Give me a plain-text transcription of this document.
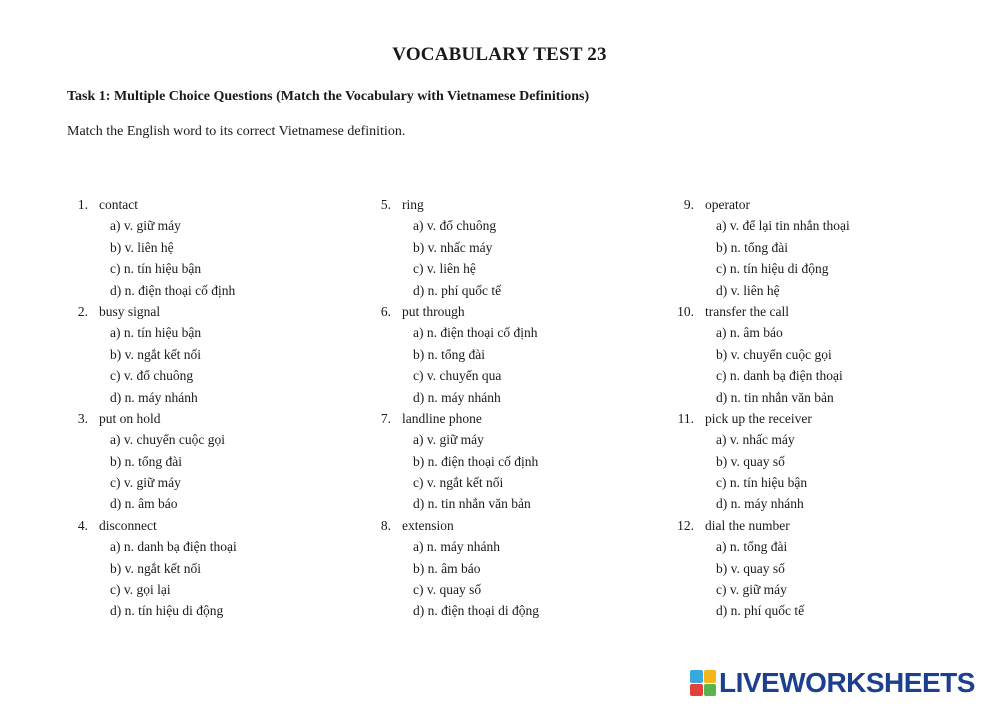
VOCABULARY TEST 23
Task 1: Multiple Choice Questions (Match the Vocabulary with Vietnamese Definitions)
Match the English word to its correct Vietnamese definition.
1. contact
a) v. giữ máy
b) v. liên hệ
c) n. tín hiệu bận
d) n. điện thoại cố định
2. busy signal
a) n. tín hiệu bận
b) v. ngắt kết nối
c) v. đổ chuông
d) n. máy nhánh
3. put on hold
a) v. chuyển cuộc gọi
b) n. tổng đài
c) v. giữ máy
d) n. âm báo
4. disconnect
a) n. danh bạ điện thoại
b) v. ngắt kết nối
c) v. gọi lại
d) n. tín hiệu di động
5. ring
a) v. đổ chuông
b) v. nhấc máy
c) v. liên hệ
d) n. phí quốc tế
6. put through
a) n. điện thoại cố định
b) n. tổng đài
c) v. chuyển qua
d) n. máy nhánh
7. landline phone
a) v. giữ máy
b) n. điện thoại cố định
c) v. ngắt kết nối
d) n. tin nhắn văn bản
8. extension
a) n. máy nhánh
b) n. âm báo
c) v. quay số
d) n. điện thoại di động
9. operator
a) v. để lại tin nhắn thoại
b) n. tổng đài
c) n. tín hiệu di động
d) v. liên hệ
10. transfer the call
a) n. âm báo
b) v. chuyển cuộc gọi
c) n. danh bạ điện thoại
d) n. tin nhắn văn bản
11. pick up the receiver
a) v. nhấc máy
b) v. quay số
c) n. tín hiệu bận
d) n. máy nhánh
12. dial the number
a) n. tổng đài
b) v. quay số
c) v. giữ máy
d) n. phí quốc tế
LIVEWORKSHEETS
